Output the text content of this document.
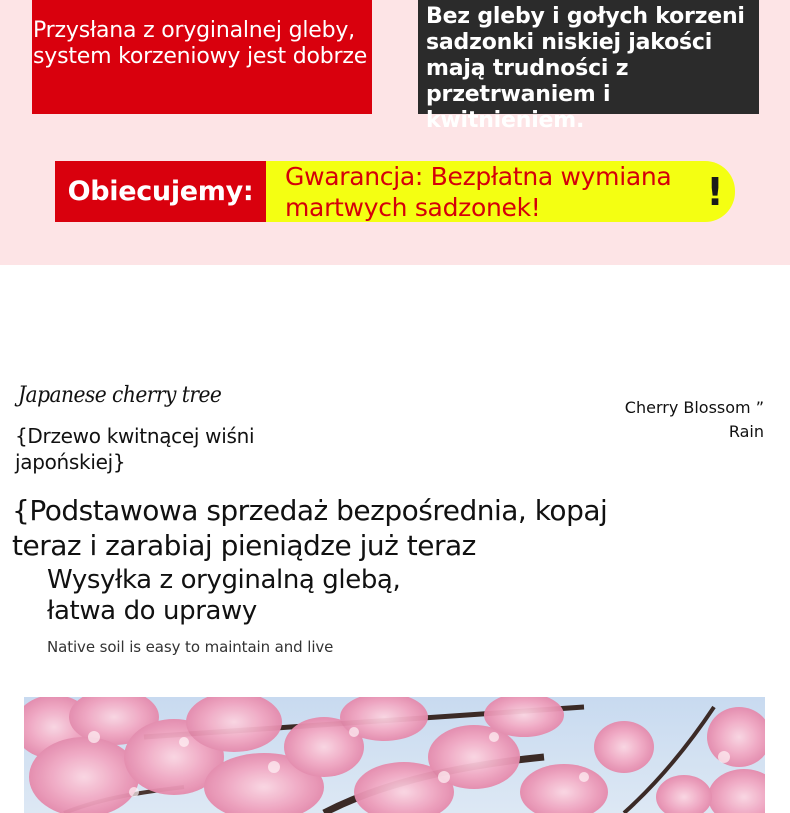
Przysłana z oryginalnej gleby, system korzeniowy jest dobrze
Bez gleby i gołych korzeni sadzonki niskiej jakości mają trudności z przetrwaniem i kwitnieniem.
Obiecujemy:	Gwarancja: Bezpłatna wymiana martwych sadzonek!	!
Japanese cherry tree
{Drzewo kwitnącej wiśni japońskiej}
Cherry Blossom ” Rain
{Podstawowa sprzedaż bezpośrednia, kopaj teraz i zarabiaj pieniądze już teraz
Wysyłka z oryginalną glebą, łatwa do uprawy
Native soil is easy to maintain and live
